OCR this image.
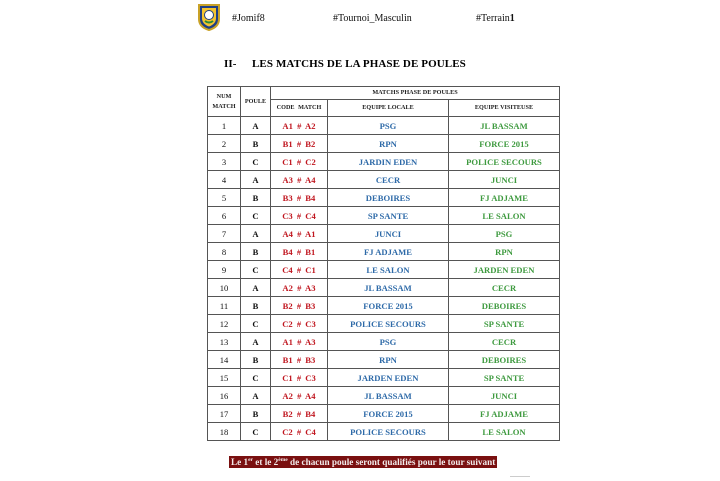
#Jomif8	#Tournoi_Masculin	#Terrain1
II- LES MATCHS DE LA PHASE DE POULES
NUM MATCH	POULE	MATCHS PHASE DE POULES		
		CODE MATCH	EQUIPE LOCALE	EQUIPE VISITEUSE
1	A	A1 # A2	PSG	JL BASSAM
2	B	B1 # B2	RPN	FORCE 2015
3	C	C1 # C2	JARDIN EDEN	POLICE SECOURS
4	A	A3 # A4	CECR	JUNCI
5	B	B3 # B4	DEBOIRES	FJ ADJAME
6	C	C3 # C4	SP SANTE	LE SALON
7	A	A4 # A1	JUNCI	PSG
8	B	B4 # B1	FJ ADJAME	RPN
9	C	C4 # C1	LE SALON	JARDEN EDEN
10	A	A2 # A3	JL BASSAM	CECR
11	B	B2 # B3	FORCE 2015	DEBOIRES
12	C	C2 # C3	POLICE SECOURS	SP SANTE
13	A	A1 # A3	PSG	CECR
14	B	B1 # B3	RPN	DEBOIRES
15	C	C1 # C3	JARDEN EDEN	SP SANTE
16	A	A2 # A4	JL BASSAM	JUNCI
17	B	B2 # B4	FORCE 2015	FJ ADJAME
18	C	C2 # C4	POLICE SECOURS	LE SALON
Le 1er et le 2ème de chacun poule seront qualifiés pour le tour suivant
